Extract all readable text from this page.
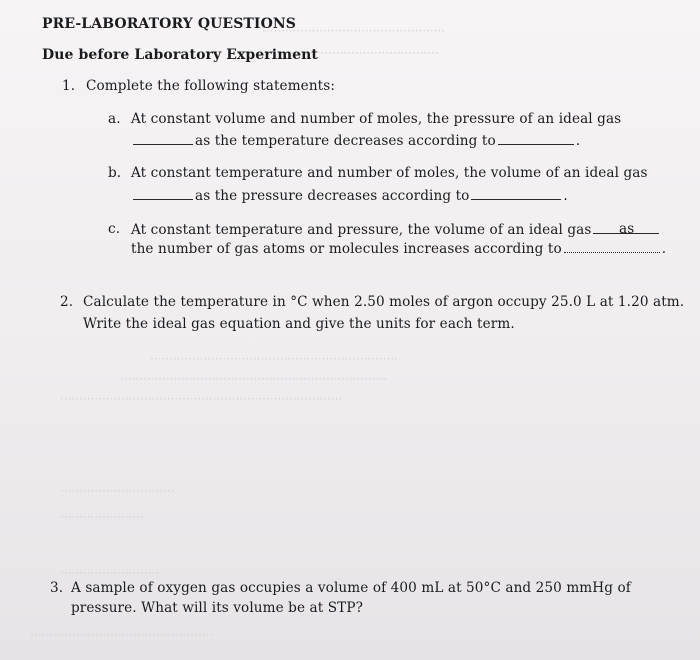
················································
·······································
·································································
······································································
··········································································
······························
······················
··························
················································
PRE-LABORATORY QUESTIONS
Due before Laboratory Experiment
1. Complete the following statements:
a. At constant volume and number of moles, the pressure of an ideal gas
as the temperature decreases according to	.
b. At constant temperature and number of moles, the volume of an ideal gas
as the pressure decreases according to	.
c. At constant temperature and pressure, the volume of an ideal gas	as
the number of gas atoms or molecules increases according to	.
2. Calculate the temperature in °C when 2.50 moles of argon occupy 25.0 L at 1.20 atm.
Write the ideal gas equation and give the units for each term.
3. A sample of oxygen gas occupies a volume of 400 mL at 50°C and 250 mmHg of
pressure. What will its volume be at STP?
